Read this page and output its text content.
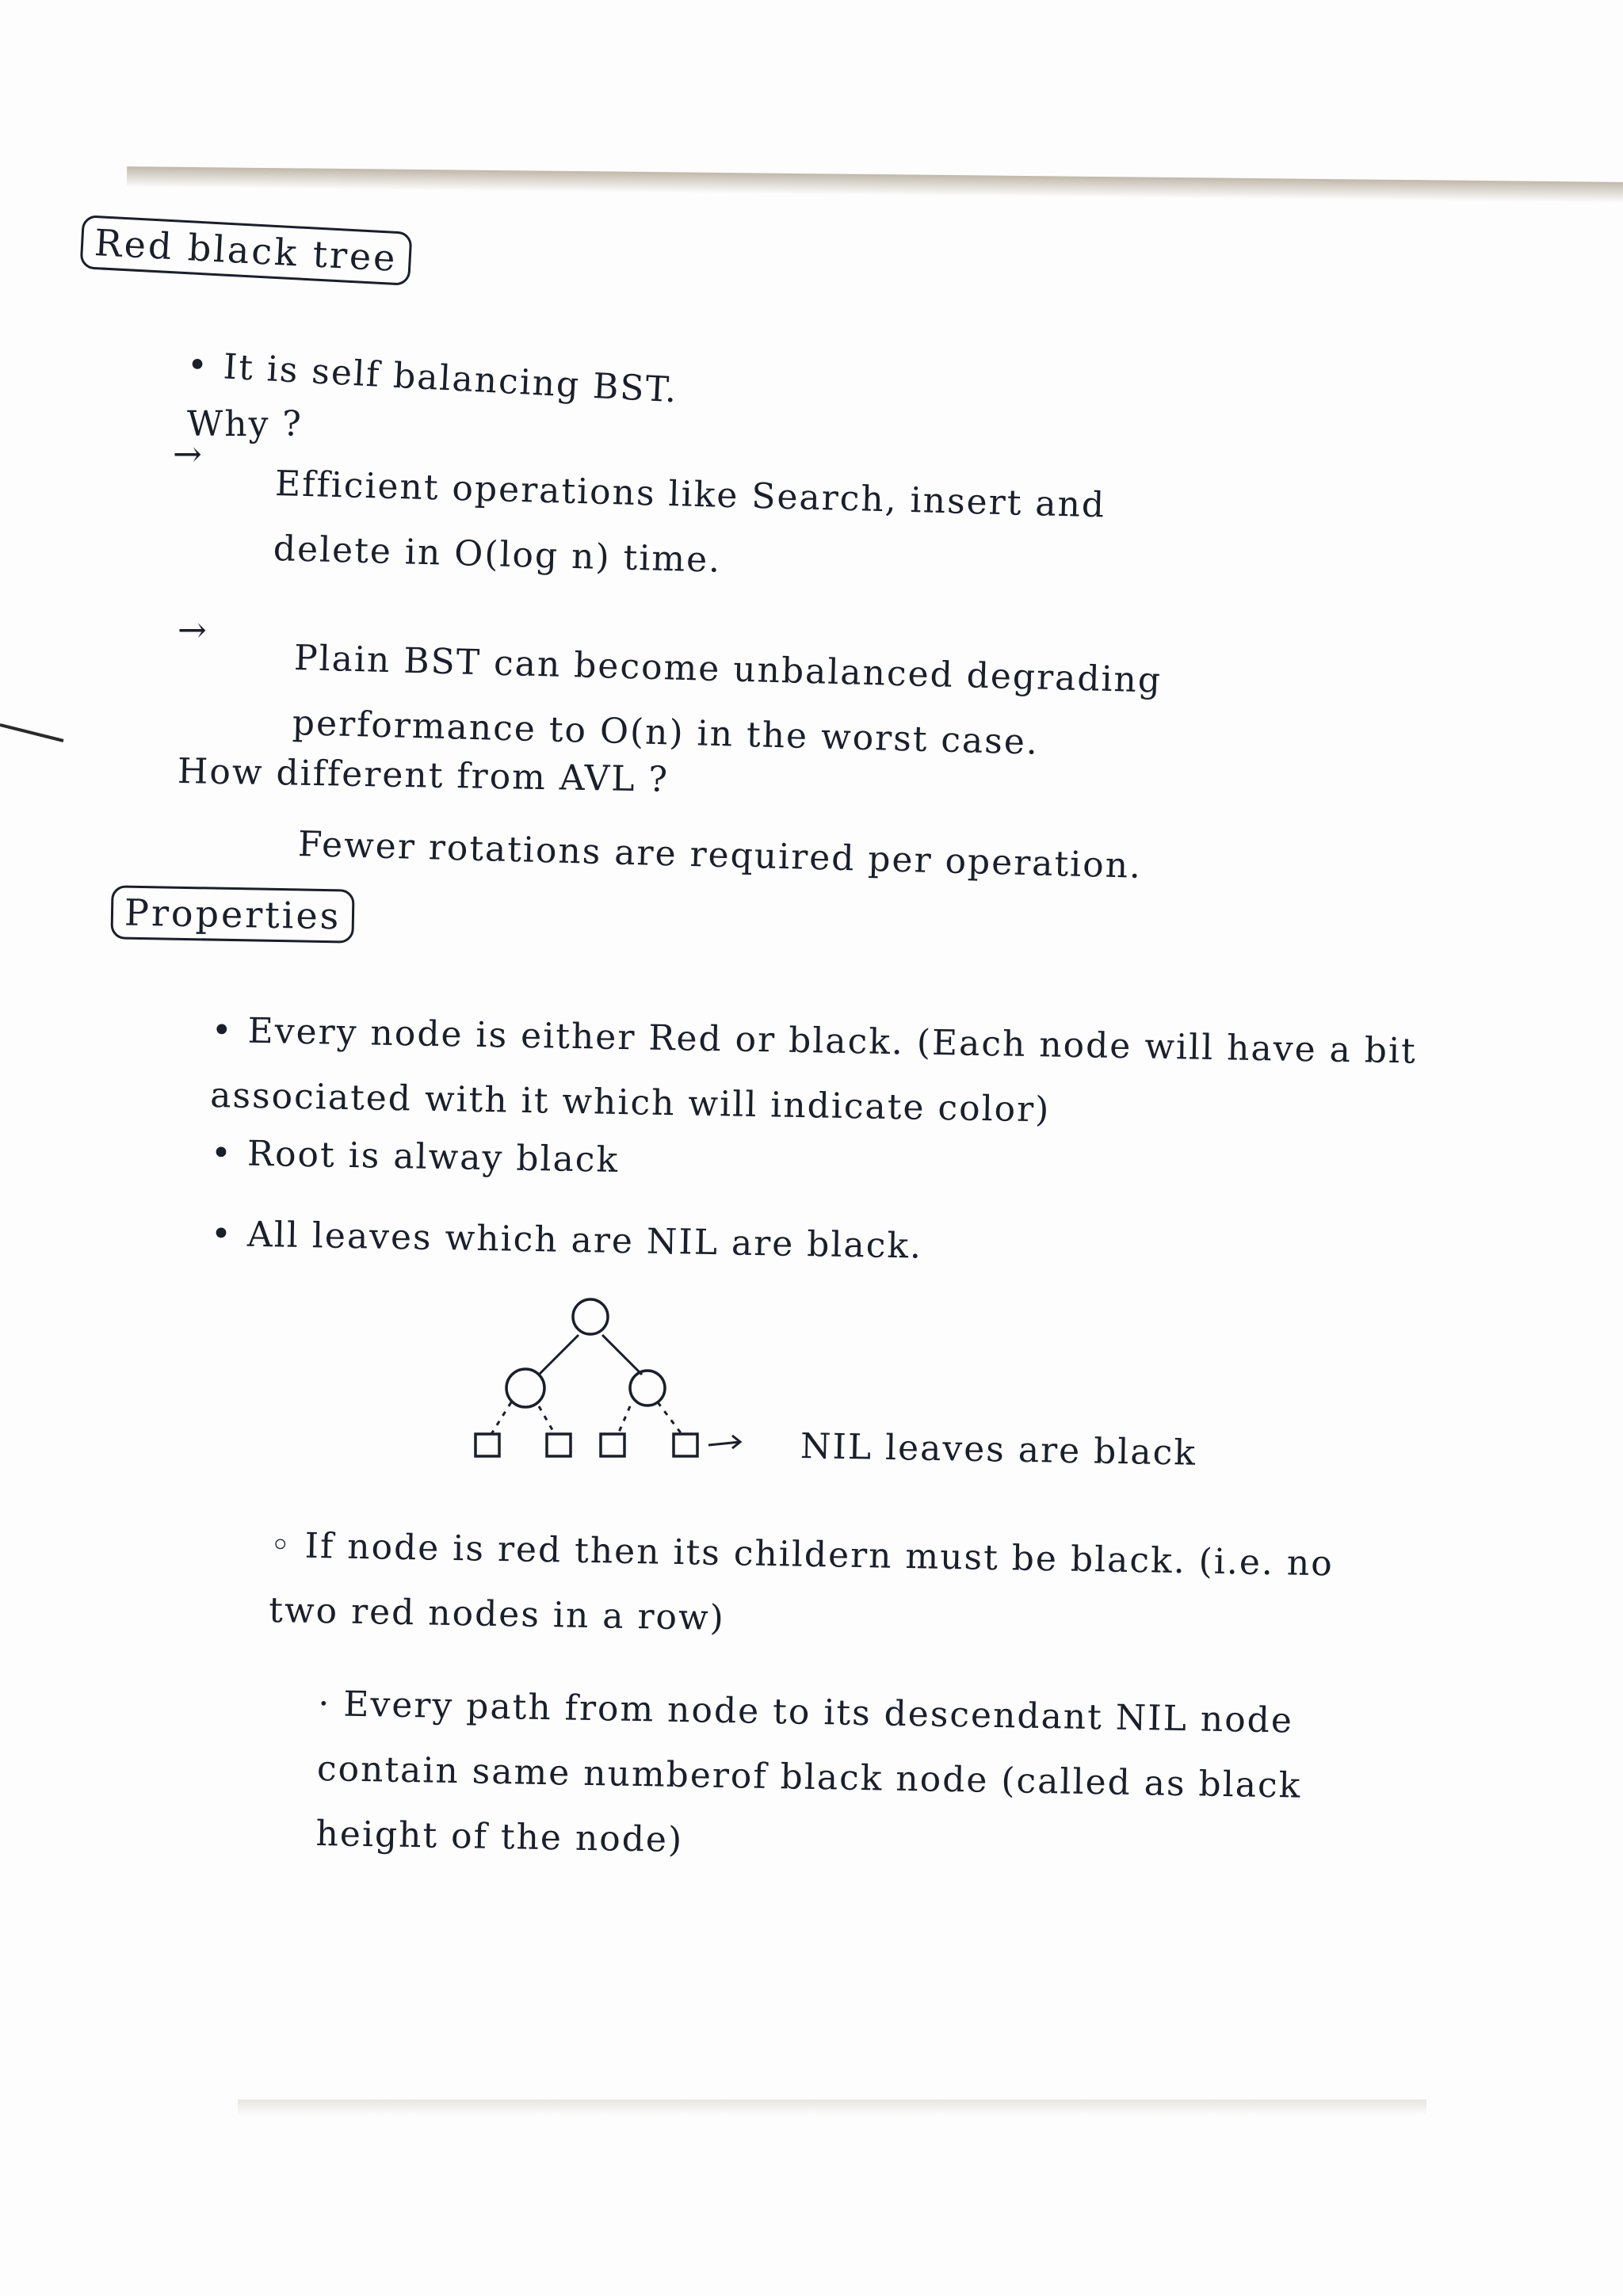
Red black tree
• It is self balancing BST.
Why ?
→
Efficient operations like Search, insert and delete in O(log n) time.
→
Plain BST can become unbalanced degrading performance to O(n) in the worst case.
How different from AVL ?
Fewer rotations are required per operation.
Properties
• Every node is either Red or black. (Each node will have a bit associated with it which will indicate color)
• Root is alway black
• All leaves which are NIL are black.
NIL leaves are black
◦ If node is red then its childern must be black. (i.e. no two red nodes in a row)
· Every path from node to its descendant NIL node contain same numberof black node (called as black height of the node)
